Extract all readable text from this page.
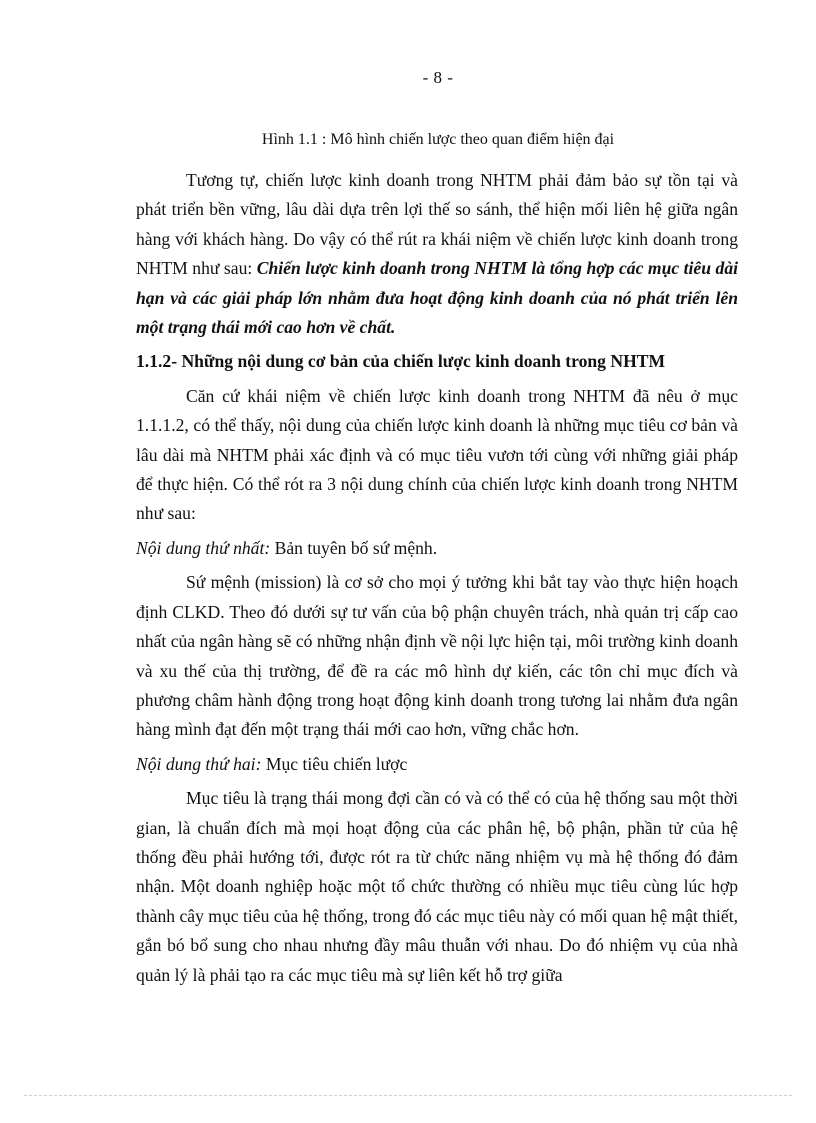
- 8 -
Hình 1.1 : Mô hình chiến lược theo quan điểm hiện đại

Tương tự, chiến lược kinh doanh trong NHTM phải đảm bảo sự tồn tại và phát triển bền vững, lâu dài dựa trên lợi thế so sánh, thể hiện mối liên hệ giữa ngân hàng với khách hàng. Do vậy có thể rút ra khái niệm về chiến lược kinh doanh trong NHTM như sau: Chiến lược kinh doanh trong NHTM là tổng hợp các mục tiêu dài hạn và các giải pháp lớn nhằm đưa hoạt động kinh doanh của nó phát triển lên một trạng thái mới cao hơn về chất.

1.1.2- Những nội dung cơ bản của chiến lược kinh doanh trong NHTM

Căn cứ khái niệm về chiến lược kinh doanh trong NHTM đã nêu ở mục 1.1.1.2, có thể thấy, nội dung của chiến lược kinh doanh là những mục tiêu cơ bản và lâu dài mà NHTM phải xác định và có mục tiêu vươn tới cùng với những giải pháp để thực hiện. Có thể rót ra 3 nội dung chính của chiến lược kinh doanh trong NHTM như sau:

Nội dung thứ nhất: Bản tuyên bố sứ mệnh.

Sứ mệnh (mission) là cơ sở cho mọi ý tưởng khi bắt tay vào thực hiện hoạch định CLKD. Theo đó dưới sự tư vấn của bộ phận chuyên trách, nhà quản trị cấp cao nhất của ngân hàng sẽ có những nhận định về nội lực hiện tại, môi trường kinh doanh và xu thế của thị trường, để đề ra các mô hình dự kiến, các tôn chỉ mục đích và phương châm hành động trong hoạt động kinh doanh trong tương lai nhằm đưa ngân hàng mình đạt đến một trạng thái mới cao hơn, vững chắc hơn.

Nội dung thứ hai: Mục tiêu chiến lược

Mục tiêu là trạng thái mong đợi cần có và có thể có của hệ thống sau một thời gian, là chuẩn đích mà mọi hoạt động của các phân hệ, bộ phận, phần tử của hệ thống đều phải hướng tới, được rót ra từ chức năng nhiệm vụ mà hệ thống đó đảm nhận. Một doanh nghiệp hoặc một tổ chức thường có nhiều mục tiêu cùng lúc hợp thành cây mục tiêu của hệ thống, trong đó các mục tiêu này có mối quan hệ mật thiết, gắn bó bổ sung cho nhau nhưng đầy mâu thuẫn với nhau. Do đó nhiệm vụ của nhà quản lý là phải tạo ra các mục tiêu mà sự liên kết hỗ trợ giữa
